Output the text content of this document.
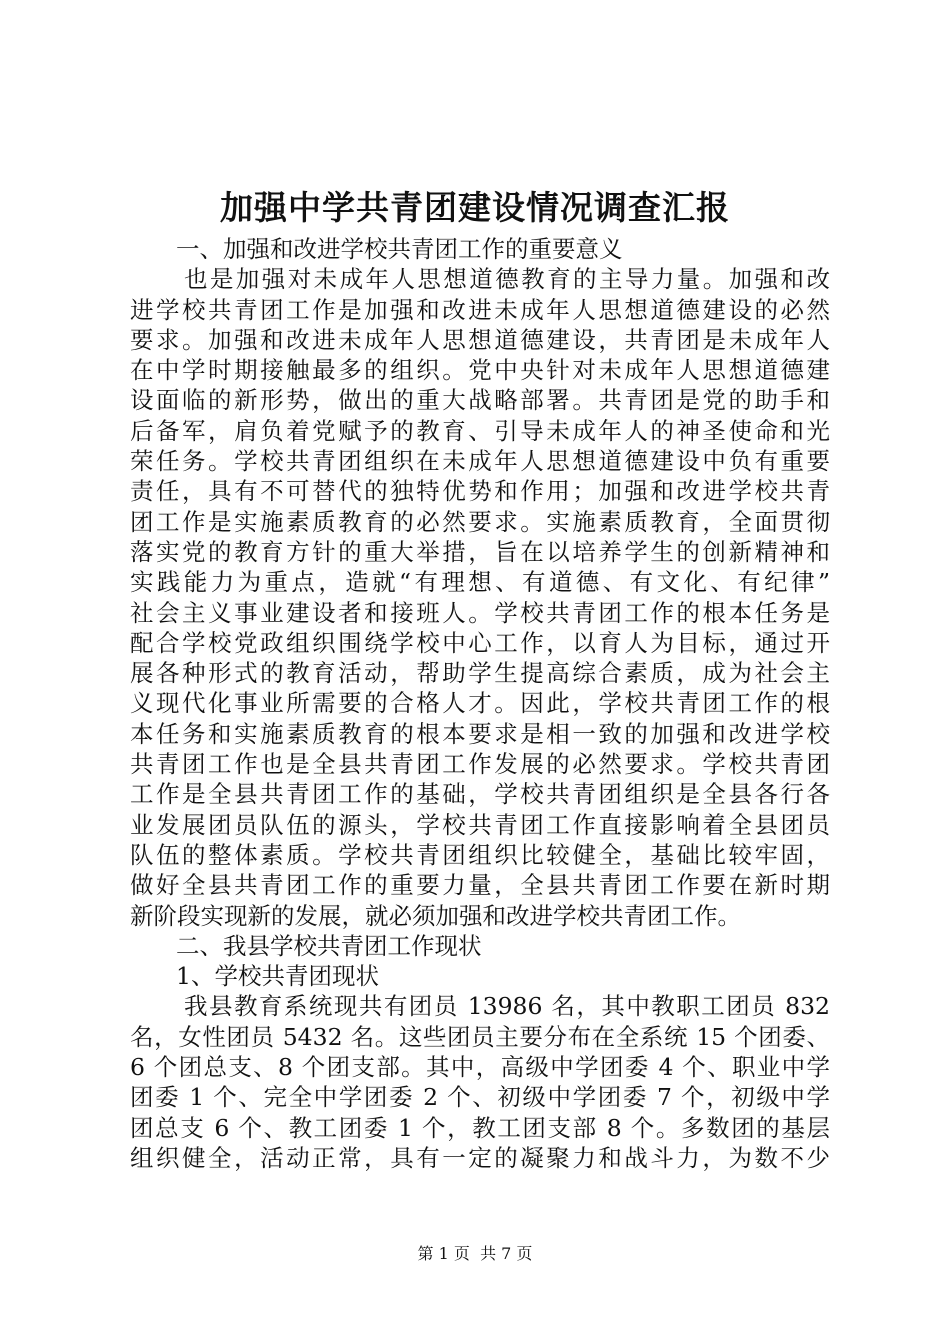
加强中学共青团建设情况调查汇报
一、加强和改进学校共青团工作的重要意义
也是加强对未成年人思想道德教育的主导力量。加强和改
进学校共青团工作是加强和改进未成年人思想道德建设的必然
要求。加强和改进未成年人思想道德建设，共青团是未成年人
在中学时期接触最多的组织。党中央针对未成年人思想道德建
设面临的新形势，做出的重大战略部署。共青团是党的助手和
后备军，肩负着党赋予的教育、引导未成年人的神圣使命和光
荣任务。学校共青团组织在未成年人思想道德建设中负有重要
责任，具有不可替代的独特优势和作用；加强和改进学校共青
团工作是实施素质教育的必然要求。实施素质教育，全面贯彻
落实党的教育方针的重大举措，旨在以培养学生的创新精神和
实践能力为重点，造就“有理想、有道德、有文化、有纪律”
社会主义事业建设者和接班人。学校共青团工作的根本任务是
配合学校党政组织围绕学校中心工作，以育人为目标，通过开
展各种形式的教育活动，帮助学生提高综合素质，成为社会主
义现代化事业所需要的合格人才。因此，学校共青团工作的根
本任务和实施素质教育的根本要求是相一致的加强和改进学校
共青团工作也是全县共青团工作发展的必然要求。学校共青团
工作是全县共青团工作的基础，学校共青团组织是全县各行各
业发展团员队伍的源头，学校共青团工作直接影响着全县团员
队伍的整体素质。学校共青团组织比较健全，基础比较牢固，
做好全县共青团工作的重要力量，全县共青团工作要在新时期
新阶段实现新的发展，就必须加强和改进学校共青团工作。
二、我县学校共青团工作现状
1、学校共青团现状
我县教育系统现共有团员 13986 名，其中教职工团员 832
名，女性团员 5432 名。这些团员主要分布在全系统 15 个团委、
6 个团总支、8 个团支部。其中，高级中学团委 4 个、职业中学
团委 1 个、完全中学团委 2 个、初级中学团委 7 个，初级中学
团总支 6 个、教工团委 1 个，教工团支部 8 个。多数团的基层
组织健全，活动正常，具有一定的凝聚力和战斗力，为数不少
第 1 页  共 7 页
